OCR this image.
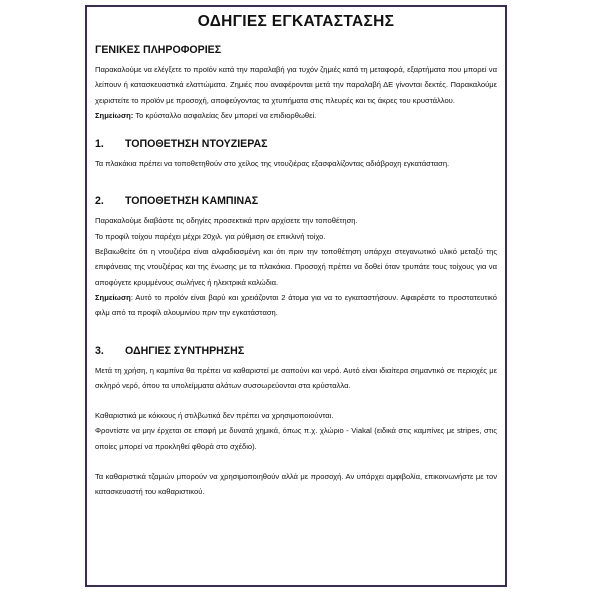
ΟΔΗΓΙΕΣ ΕΓΚΑΤΑΣΤΑΣΗΣ
ΓΕΝΙΚΕΣ ΠΛΗΡΟΦΟΡΙΕΣ

Παρακαλούμε να ελέγξετε το προϊόν κατά την παραλαβή για τυχόν ζημιές κατά τη μεταφορά, εξαρτήματα που μπορεί να λείπουν ή κατασκευαστικά ελαττώματα. Ζημιές που αναφέρονται μετά την παραλαβή ΔΕ γίνονται δεκτές. Παρακαλούμε χειριστείτε το προϊόν με προσοχή, αποφεύγοντας τα χτυπήματα στις πλευρές και τις άκρες του κρυστάλλου.

Σημείωση: Το κρύσταλλο ασφαλείας δεν μπορεί να επιδιορθωθεί.

1. ΤΟΠΟΘΕΤΗΣΗ ΝΤΟΥΖΙΕΡΑΣ

Τα πλακάκια πρέπει να τοποθετηθούν στο χείλος της ντουζιέρας εξασφαλίζοντας αδιάβροχη εγκατάσταση.

2. ΤΟΠΟΘΕΤΗΣΗ ΚΑΜΠΙΝΑΣ

Παρακαλούμε διαβάστε τις οδηγίες προσεκτικά πριν αρχίσετε την τοποθέτηση.

Το προφίλ τοίχου παρέχει μέχρι 20χιλ. για ρύθμιση σε επικλινή τοίχο.

Βεβαιωθείτε ότι η ντουζιέρα είναι αλφαδιασμένη και ότι πριν την τοποθέτηση υπάρχει στεγανωτικό υλικό μεταξύ της επιφάνειας της ντουζιέρας και της ένωσης με τα πλακάκια. Προσοχή πρέπει να δοθεί όταν τρυπάτε τους τοίχους για να αποφύγετε κρυμμένους σωλήνες ή ηλεκτρικά καλώδια.

Σημείωση: Αυτό το προϊόν είναι βαρύ και χρειάζονται 2 άτομα για να το εγκαταστήσουν. Αφαιρέστε το προστατευτικό φιλμ από τα προφίλ αλουμινίου πριν την εγκατάσταση.

3. ΟΔΗΓΙΕΣ ΣΥΝΤΗΡΗΣΗΣ

Μετά τη χρήση, η καμπίνα θα πρέπει να καθαριστεί με σαπούνι και νερό. Αυτό είναι ιδιαίτερα σημαντικό σε περιοχές με σκληρό νερό, όπου τα υπολείμματα αλάτων συσσωρεύονται στα κρύσταλλα.

Καθαριστικά με κόκκους ή στιλβωτικά δεν πρέπει να χρησιμοποιούνται.

Φροντίστε να μην έρχεται σε επαφή με δυνατά χημικά, όπως π.χ. χλώριο - Viakal (ειδικά στις καμπίνες με stripes, στις οποίες μπορεί να προκληθεί φθορά στο σχέδιο).

Τα καθαριστικά τζαμιών μπορούν να χρησιμοποιηθούν αλλά με προσοχή. Αν υπάρχει αμφιβολία, επικοινωνήστε με τον κατασκευαστή του καθαριστικού.
